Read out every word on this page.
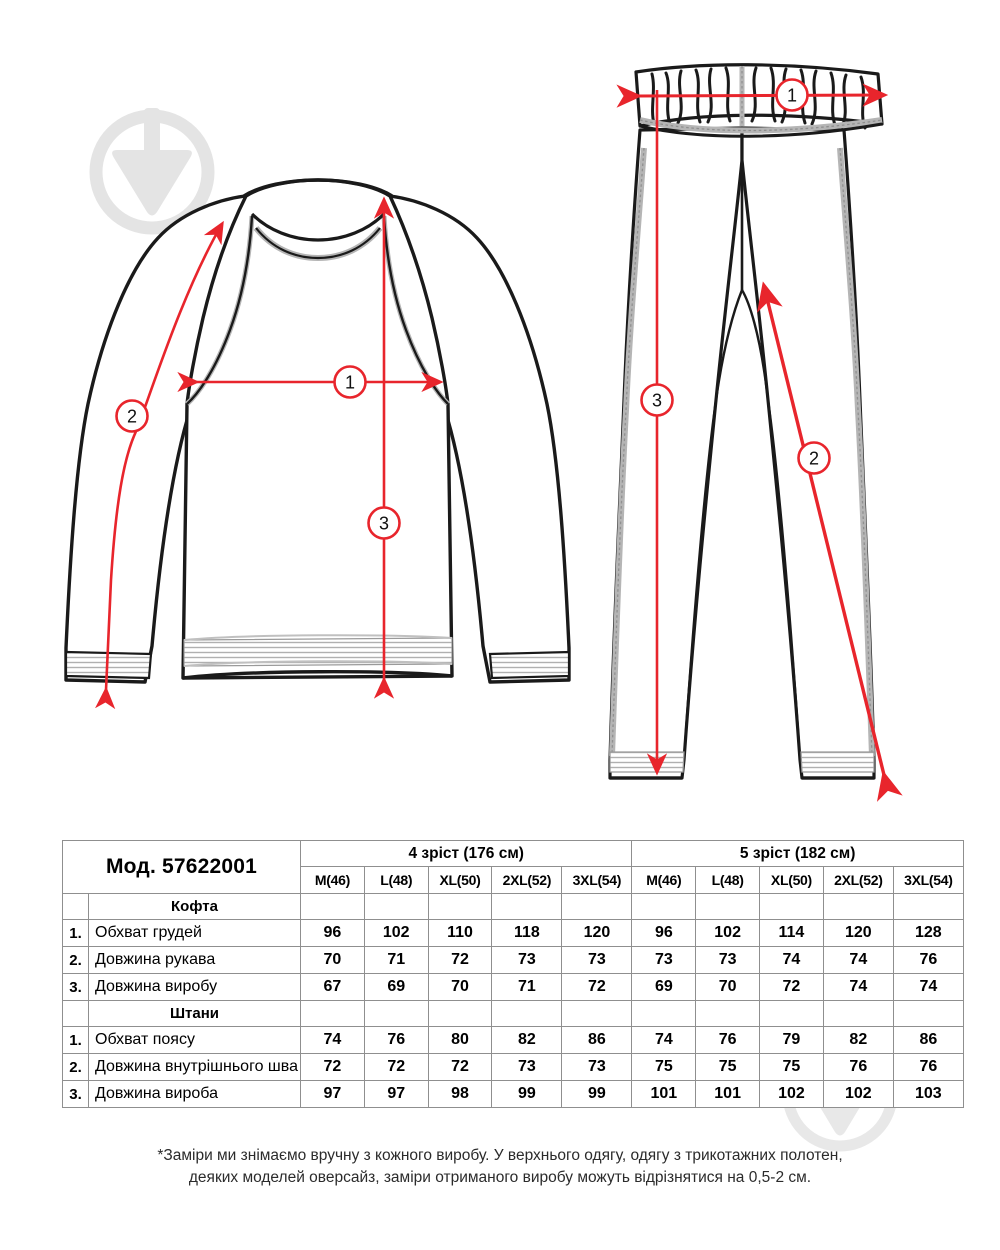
1
3
2
1
3
2
Мод. 57622001		4 зріст (176 см)					5 зріст (182 см)				
		M(46)	L(48)	XL(50)	2XL(52)	3XL(54)	M(46)	L(48)	XL(50)	2XL(52)	3XL(54)
	Кофта										
1.	Обхват грудей	96	102	110	118	120	96	102	114	120	128
2.	Довжина рукава	70	71	72	73	73	73	73	74	74	76
3.	Довжина виробу	67	69	70	71	72	69	70	72	74	74
	Штани										
1.	Обхват поясу	74	76	80	82	86	74	76	79	82	86
2.	Довжина внутрішнього шва	72	72	72	73	73	75	75	75	76	76
3.	Довжина вироба	97	97	98	99	99	101	101	102	102	103
*Заміри ми знімаємо вручну з кожного виробу. У верхнього одягу, одягу з трикотажних полотен,
деяких моделей оверсайз, заміри отриманого виробу можуть відрізнятися на 0,5-2 см.
